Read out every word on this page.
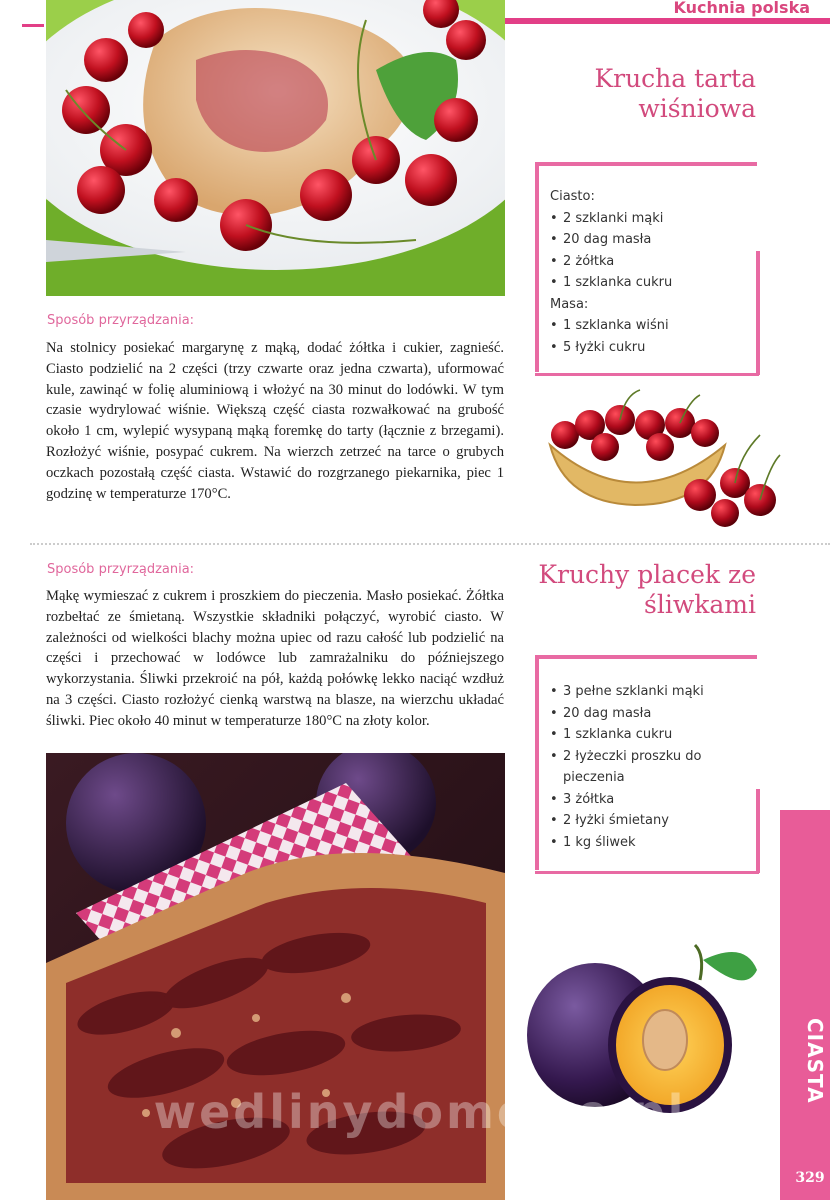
Kuchnia polska
Krucha tarta
wiśniowa

Ciasto:

• 2 szklanki mąki
• 20 dag masła
• 2 żółtka
• 1 szklanka cukru

Masa:

• 1 szklanka wiśni
• 5 łyżki cukru
Sposób przyrządzania:
Na stolnicy posiekać margarynę z mąką, dodać żółtka i cukier, zagnieść. Ciasto podzielić na 2 części (trzy czwarte oraz jedna czwarta), uformować kule, zawinąć w folię aluminiową i włożyć na 30 minut do lodówki. W tym czasie wydrylować wiśnie. Większą część ciasta rozwałkować na grubość około 1 cm, wylepić wysypaną mąką foremkę do tarty (łącznie z brzegami). Rozłożyć wiśnie, posypać cukrem. Na wierzch zetrzeć na tarce o grubych oczkach pozostałą część ciasta. Wstawić do rozgrzanego piekarnika, piec 1 godzinę w temperaturze 170°C.
Sposób przyrządzania:
Mąkę wymieszać z cukrem i proszkiem do pieczenia. Masło posiekać. Żółtka rozbełtać ze śmietaną. Wszystkie składniki połączyć, wyrobić ciasto. W zależności od wielkości blachy można upiec od razu całość lub podzielić na części i przechować w lodówce lub zamrażalniku do późniejszego wykorzystania. Śliwki przekroić na pół, każdą połówkę lekko naciąć wzdłuż na 3 części. Ciasto rozłożyć cienką warstwą na blasze, na wierzchu układać śliwki. Piec około 40 minut w temperaturze 180°C na złoty kolor.
Kruchy placek ze
śliwkami
• 3 pełne szklanki mąki
• 20 dag masła
• 1 szklanka cukru
• 2 łyżeczki proszku do pieczenia
• 3 żółtka
• 2 łyżki śmietany
• 1 kg śliwek
CIASTA
329
wedlinydomowe.pl
